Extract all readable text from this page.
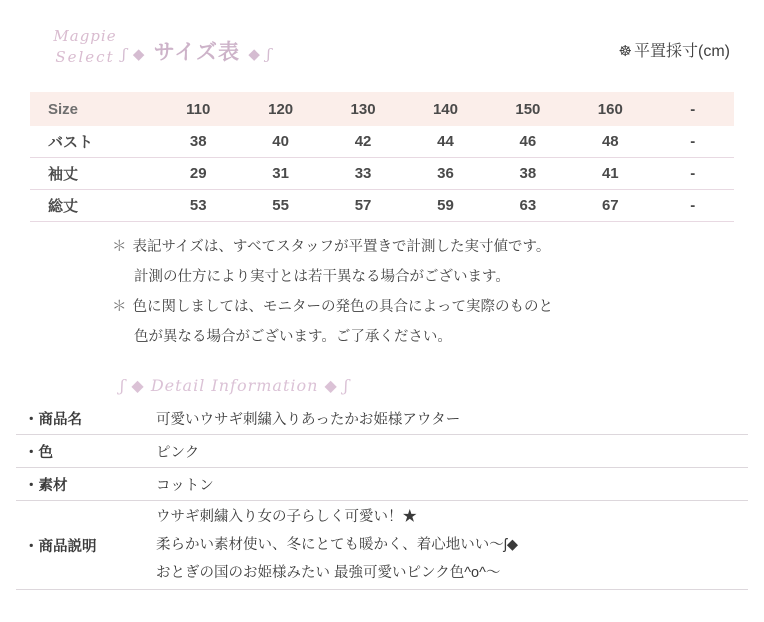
Magpie
Select ʃ ◆ サイズ表 ◆ ʃ	☸ 平置採寸(cm)
Size	110	120	130	140	150	160	-
バスト	38	40	42	44	46	48	-
袖丈	29	31	33	36	38	41	-
総丈	53	55	57	59	63	67	-
＊ 表記サイズは、すべてスタッフが平置きで計測した実寸値です。
計測の仕方により実寸とは若干異なる場合がございます。
＊ 色に関しましては、モニターの発色の具合によって実際のものと
色が異なる場合がございます。ご了承ください。
ʃ ◆ Detail Information ◆ ʃ
・商品名	可愛いウサギ刺繍入りあったかお姫様アウター
・色	ピンク
・素材	コットン
・商品説明	ウサギ刺繍入り女の子らしく可愛い！★
柔らかい素材使い、冬にとても暖かく、着心地いい〜ʃ◆
おとぎの国のお姫様みたい 最強可愛いピンク色^o^〜
